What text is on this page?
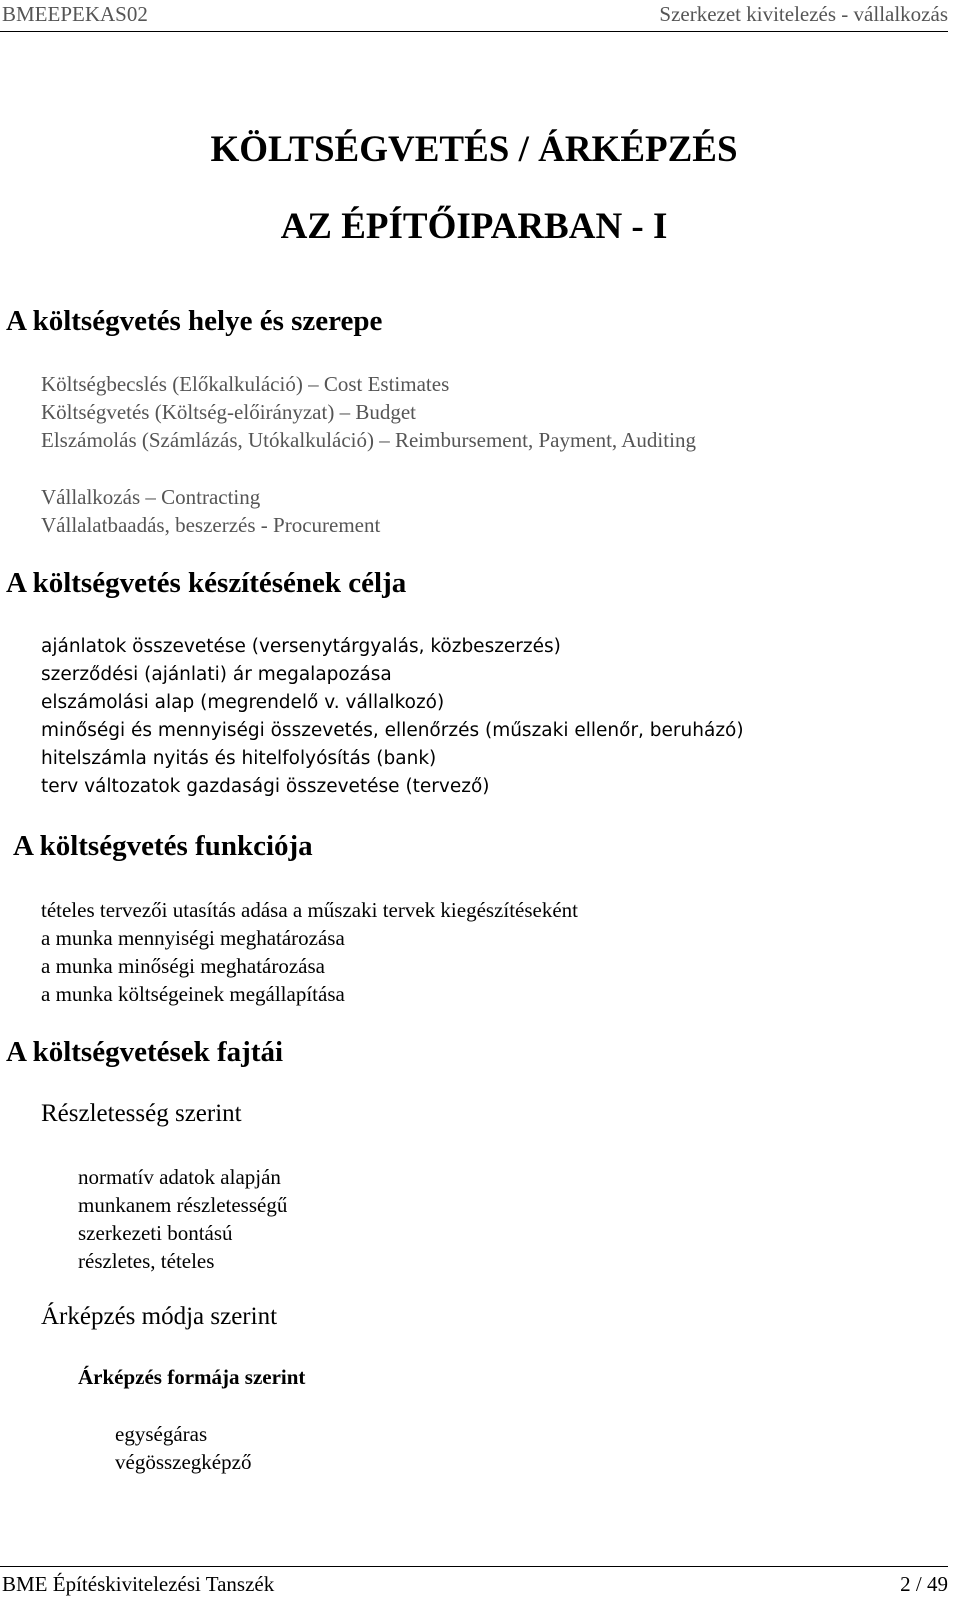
BMEEPEKAS02	Szerkezet kivitelezés - vállalkozás
KÖLTSÉGVETÉS / ÁRKÉPZÉS
AZ ÉPÍTŐIPARBAN - I
A költségvetés helye és szerepe
Költségbecslés (Előkalkuláció) – Cost Estimates
Költségvetés (Költség-előirányzat) – Budget
Elszámolás (Számlázás, Utókalkuláció) – Reimbursement, Payment, Auditing
Vállalkozás – Contracting
Vállalatbaadás, beszerzés - Procurement
A költségvetés készítésének célja
ajánlatok összevetése (versenytárgyalás, közbeszerzés)
szerződési (ajánlati) ár megalapozása
elszámolási alap (megrendelő v. vállalkozó)
minőségi és mennyiségi összevetés, ellenőrzés (műszaki ellenőr, beruházó)
hitelszámla nyitás és hitelfolyósítás (bank)
terv változatok gazdasági összevetése (tervező)
A költségvetés funkciója
tételes tervezői utasítás adása a műszaki tervek kiegészítéseként
a munka mennyiségi meghatározása
a munka minőségi meghatározása
a munka költségeinek megállapítása
A költségvetések fajtái
Részletesség szerint
normatív adatok alapján
munkanem részletességű
szerkezeti bontású
részletes, tételes
Árképzés módja szerint
Árképzés formája szerint
egységáras
végösszegképző
BME Építéskivitelezési Tanszék	2 / 49
